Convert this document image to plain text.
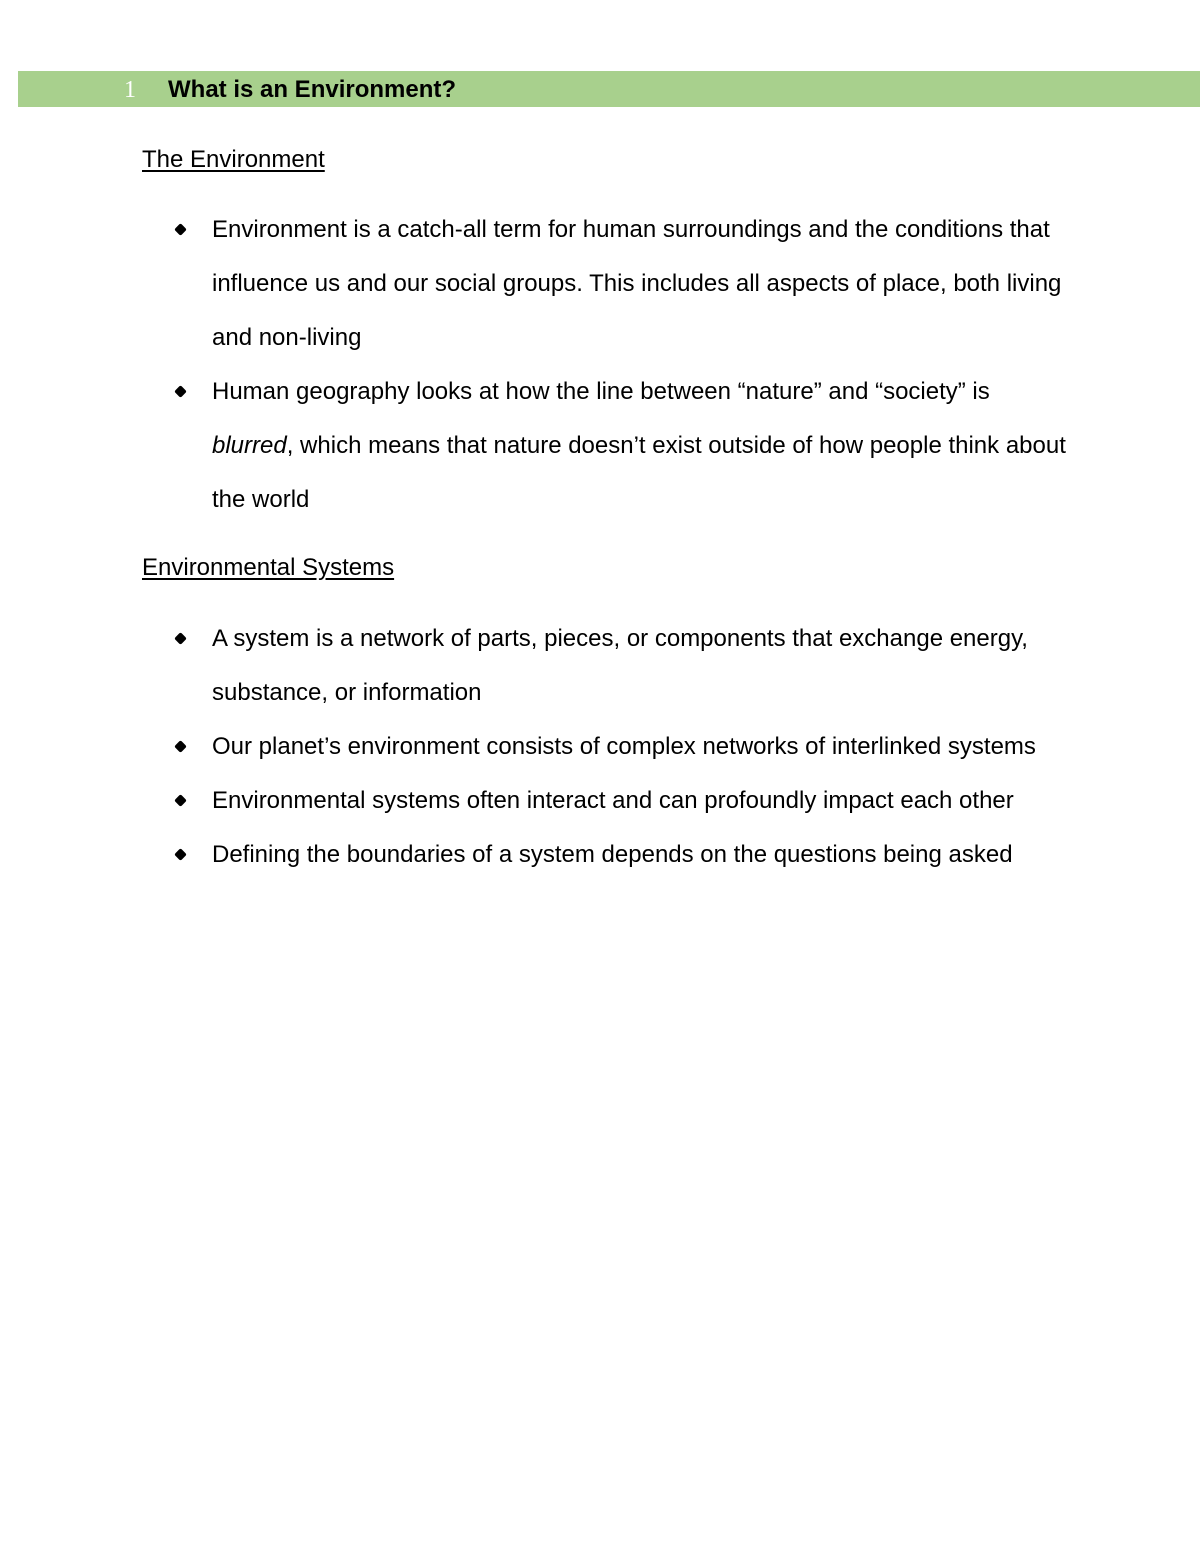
1 What is an Environment?
The Environment
Environment is a catch-all term for human surroundings and the conditions that influence us and our social groups. This includes all aspects of place, both living and non-living
Human geography looks at how the line between “nature” and “society” is blurred, which means that nature doesn’t exist outside of how people think about the world
Environmental Systems
A system is a network of parts, pieces, or components that exchange energy, substance, or information
Our planet’s environment consists of complex networks of interlinked systems
Environmental systems often interact and can profoundly impact each other
Defining the boundaries of a system depends on the questions being asked
